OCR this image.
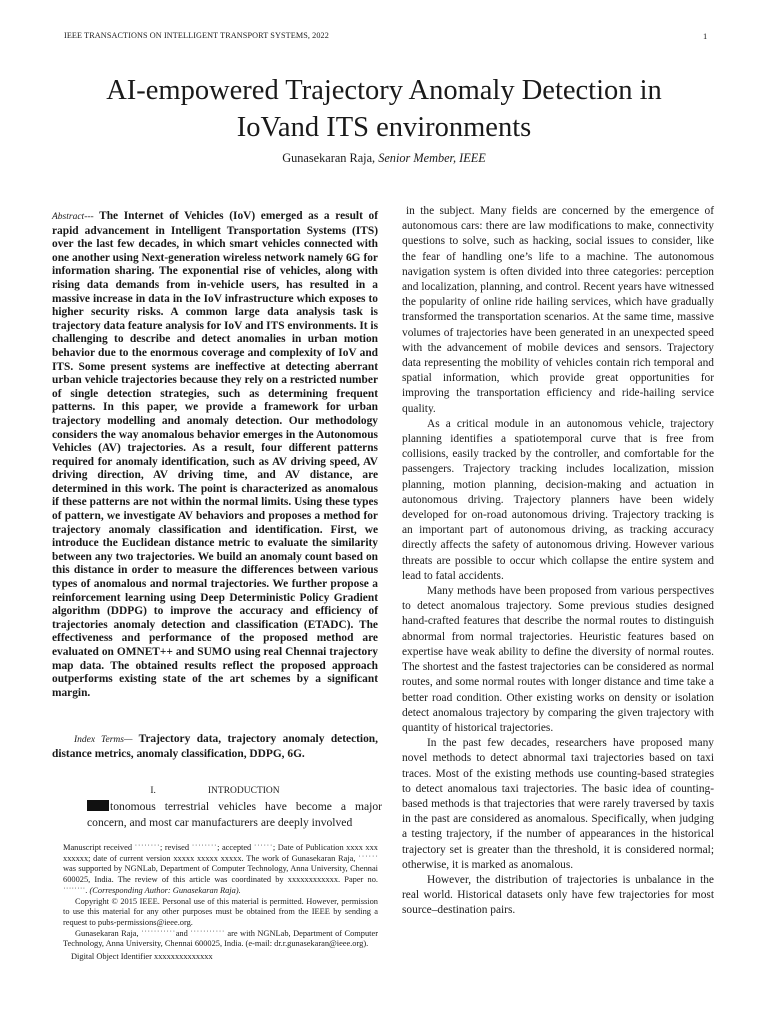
IEEE TRANSACTIONS ON INTELLIGENT TRANSPORT SYSTEMS, 2022	1
AI-empowered Trajectory Anomaly Detection in
IoVand ITS environments
Gunasekaran Raja, Senior Member, IEEE

Abstract--- The Internet of Vehicles (IoV) emerged as a result of rapid advancement in Intelligent Transportation Systems (ITS) over the last few decades, in which smart vehicles connected with one another using Next-generation wireless network namely 6G for information sharing. The exponential rise of vehicles, along with rising data demands from in-vehicle users, has resulted in a massive increase in data in the IoV infrastructure which exposes to higher security risks. A common large data analysis task is trajectory data feature analysis for IoV and ITS environments. It is challenging to describe and detect anomalies in urban motion behavior due to the enormous coverage and complexity of IoV and ITS. Some present systems are ineffective at detecting aberrant urban vehicle trajectories because they rely on a restricted number of single detection strategies, such as determining frequent patterns. In this paper, we provide a framework for urban trajectory modelling and anomaly detection. Our methodology considers the way anomalous behavior emerges in the Autonomous Vehicles (AV) trajectories. As a result, four different patterns required for anomaly identification, such as AV driving speed, AV driving direction, AV driving time, and AV distance, are determined in this work. The point is characterized as anomalous if these patterns are not within the normal limits. Using these types of pattern, we investigate AV behaviors and proposes a method for trajectory anomaly classification and identification. First, we introduce the Euclidean distance metric to evaluate the similarity between any two trajectories. We build an anomaly count based on this distance in order to measure the differences between various types of anomalous and normal trajectories. We further propose a reinforcement learning using Deep Deterministic Policy Gradient algorithm (DDPG) to improve the accuracy and efficiency of trajectories anomaly detection and classification (ETADC). The effectiveness and performance of the proposed method are evaluated on OMNET++ and SUMO using real Chennai trajectory map data. The obtained results reflect the proposed approach outperforms existing state of the art schemes by a significant margin.

Index Terms— Trajectory data, trajectory anomaly detection, distance metrics, anomaly classification, DDPG, 6G.

I.	INTRODUCTION

tonomous terrestrial vehicles have become a major concern, and most car manufacturers are deeply involved

Manuscript received ˙˙˙˙˙˙˙˙; revised ˙˙˙˙˙˙˙˙; accepted ˙˙˙˙˙˙; Date of Publication xxxx xxx xxxxxx; date of current version xxxxx xxxxx xxxxx. The work of Gunasekaran Raja, ˙˙˙˙˙˙ was supported by NGNLab, Department of Computer Technology, Anna University, Chennai 600025, India. The review of this article was coordinated by xxxxxxxxxxxx. Paper no. ˙˙˙˙˙˙˙˙. (Corresponding Author: Gunasekaran Raja).

Copyright © 2015 IEEE. Personal use of this material is permitted. However, permission to use this material for any other purposes must be obtained from the IEEE by sending a request to pubs-permissions@ieee.org.

Gunasekaran Raja, ˙˙˙˙˙˙˙˙˙˙˙and ˙˙˙˙˙˙˙˙˙˙˙ are with NGNLab, Department of Computer Technology, Anna University, Chennai 600025, India. (e-mail: dr.r.gunasekaran@ieee.org).

Digital Object Identifier xxxxxxxxxxxxxx

in the subject. Many fields are concerned by the emergence of autonomous cars: there are law modifications to make, connectivity questions to solve, such as hacking, social issues to consider, like the fear of handling one’s life to a machine. The autonomous navigation system is often divided into three categories: perception and localization, planning, and control. Recent years have witnessed the popularity of online ride hailing services, which have gradually transformed the transportation scenarios. At the same time, massive volumes of trajectories have been generated in an unexpected speed with the advancement of mobile devices and sensors. Trajectory data representing the mobility of vehicles contain rich temporal and spatial information, which provide great opportunities for improving the transportation efficiency and ride-hailing service quality.

As a critical module in an autonomous vehicle, trajectory planning identifies a spatiotemporal curve that is free from collisions, easily tracked by the controller, and comfortable for the passengers. Trajectory tracking includes localization, mission planning, motion planning, decision-making and actuation in autonomous driving. Trajectory planners have been widely developed for on-road autonomous driving. Trajectory tracking is an important part of autonomous driving, as tracking accuracy directly affects the safety of autonomous driving. However various threats are possible to occur which collapse the entire system and lead to fatal accidents.

Many methods have been proposed from various perspectives to detect anomalous trajectory. Some previous studies designed hand-crafted features that describe the normal routes to distinguish abnormal from normal trajectories. Heuristic features based on expertise have weak ability to define the diversity of normal routes. The shortest and the fastest trajectories can be considered as normal routes, and some normal routes with longer distance and time take a better road condition. Other existing works on density or isolation detect anomalous trajectory by comparing the given trajectory with quantity of historical trajectories.

In the past few decades, researchers have proposed many novel methods to detect abnormal taxi trajectories based on taxi traces. Most of the existing methods use counting-based strategies to detect anomalous taxi trajectories. The basic idea of counting-based methods is that trajectories that were rarely traversed by taxis in the past are considered as anomalous. Specifically, when judging a testing trajectory, if the number of appearances in the historical trajectory set is greater than the threshold, it is considered normal; otherwise, it is marked as anomalous.

However, the distribution of trajectories is unbalance in the real world. Historical datasets only have few trajectories for most source–destination pairs.
